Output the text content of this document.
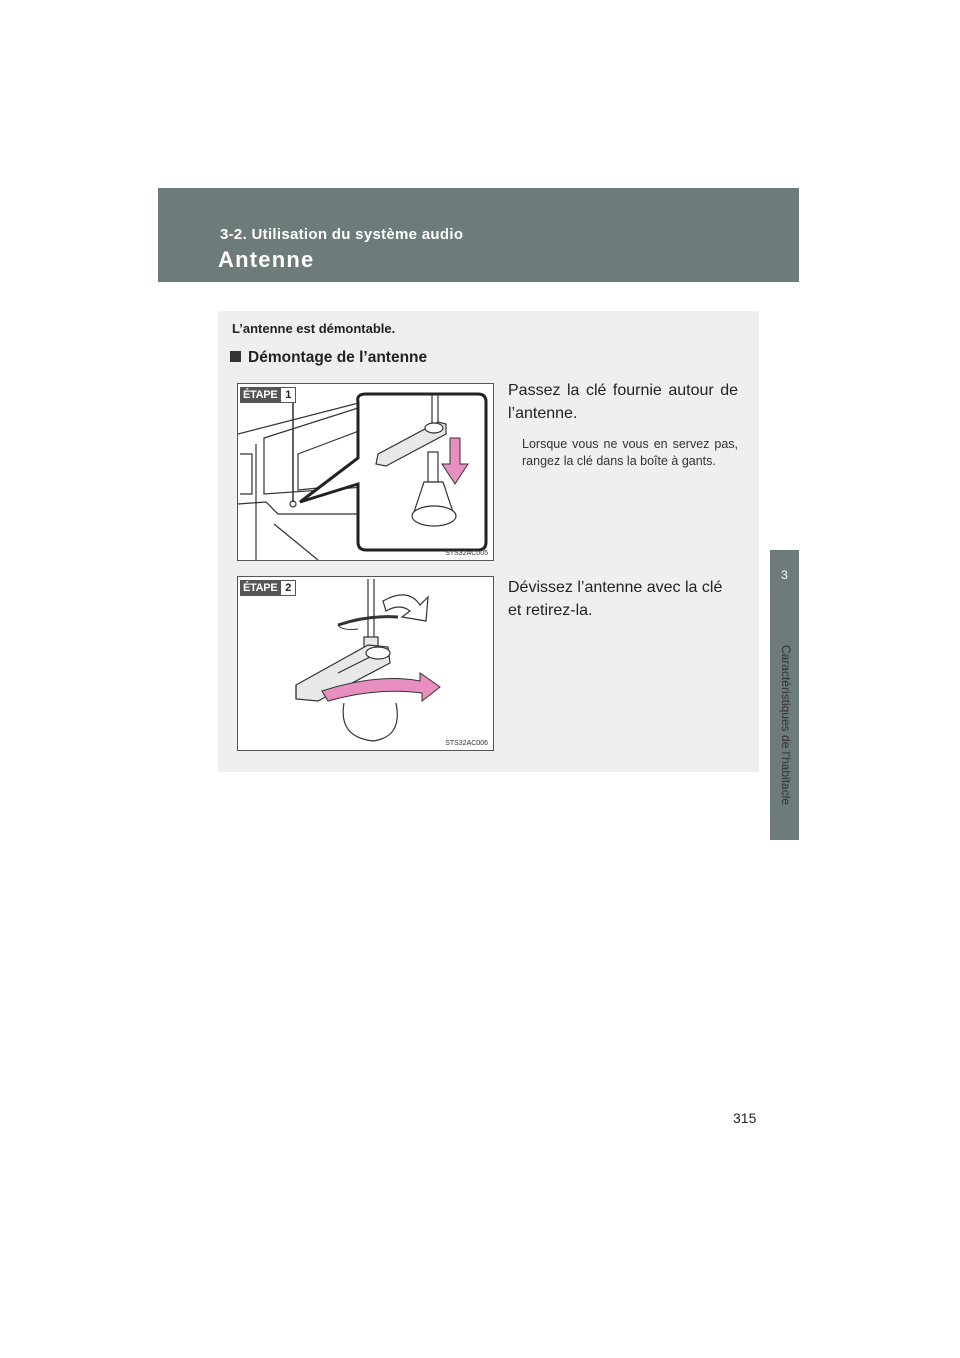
3-2. Utilisation du système audio
Antenne
3
Caractéristiques de l’habitacle
L’antenne est démontable.
Démontage de l’antenne
ÉTAPE 1
STS32AC005
Passez la clé fournie autour de l’antenne.
Lorsque vous ne vous en servez pas, rangez la clé dans la boîte à gants.
ÉTAPE 2
STS32AC006
Dévissez l’antenne avec la clé et retirez-la.
315
